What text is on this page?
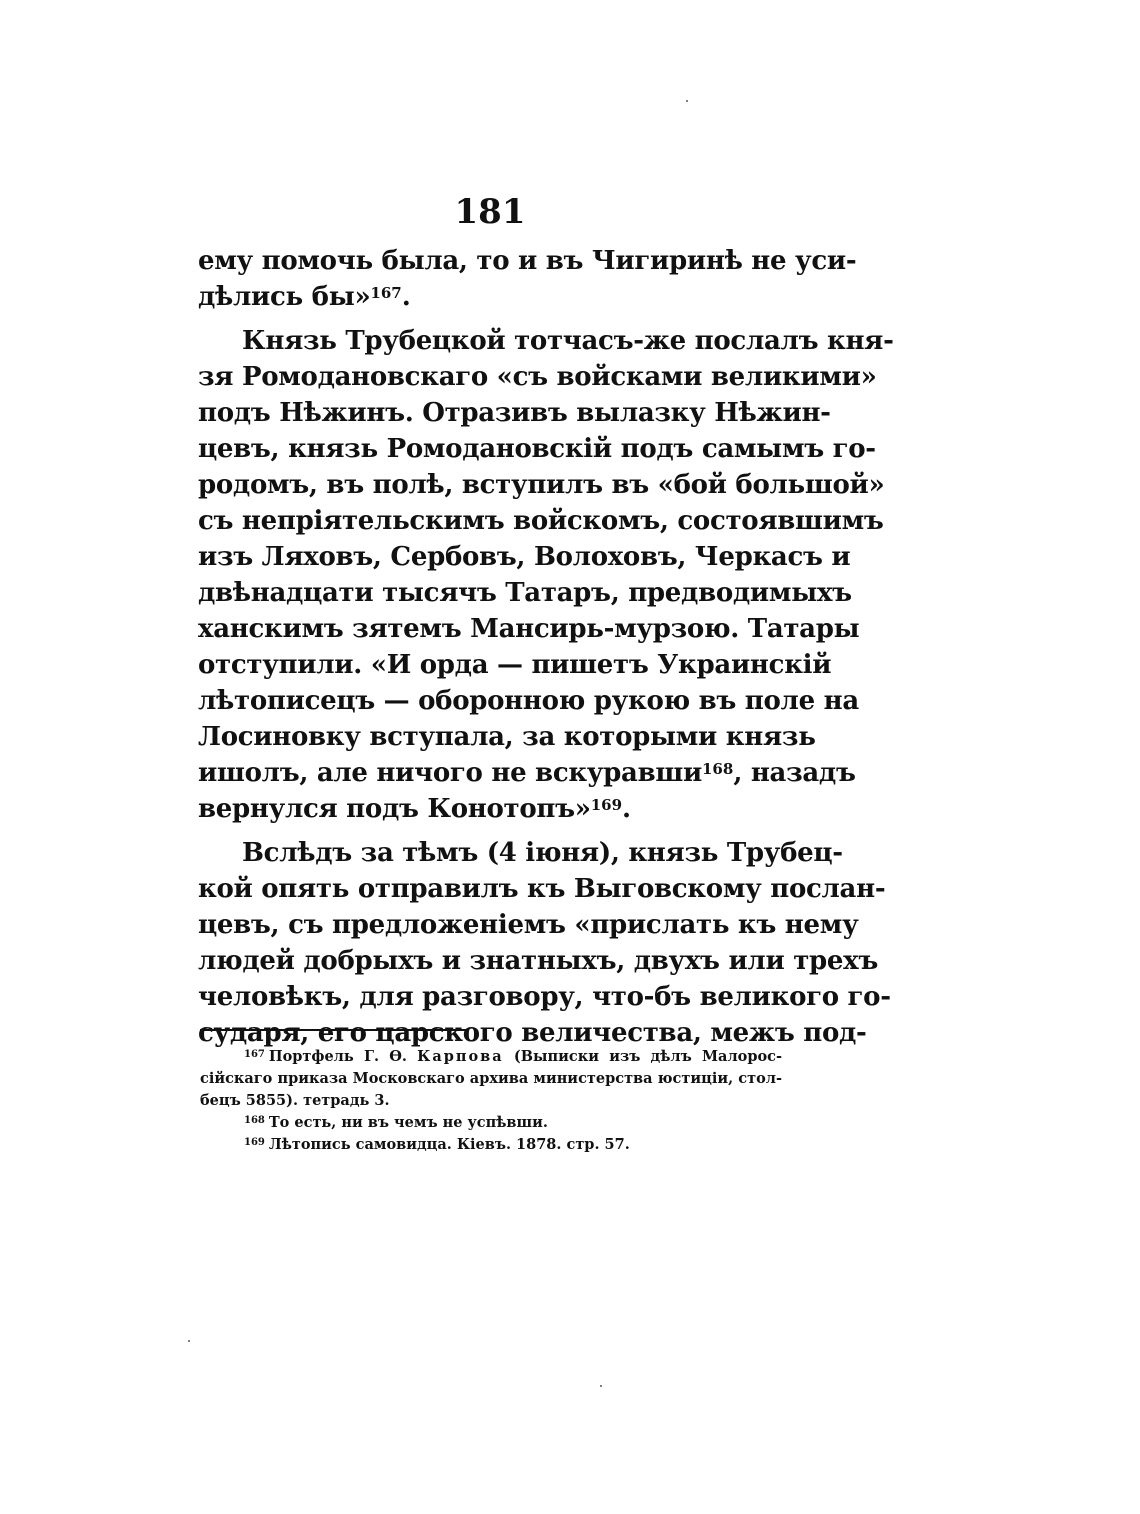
181
ему помочь была, то и въ Чигиринѣ не уси-
дѣлись бы»$^{167}$.
Князь Трубецкой тотчасъ-же послалъ кня-
зя Ромодановскаго «съ войсками великими»
подъ Нѣжинъ. Отразивъ вылазку Нѣжин-
цевъ, князь Ромодановскій подъ самымъ го-
родомъ, въ полѣ, вступилъ въ «бой большой»
съ непріятельскимъ войскомъ, состоявшимъ
изъ Ляховъ, Сербовъ, Волоховъ, Черкасъ и
двѣнадцати тысячъ Татаръ, предводимыхъ
ханскимъ зятемъ Мансирь-мурзою. Татары
отступили. «И орда — пишетъ Украинскій
лѣтописецъ — оборонною рукою въ поле на
Лосиновку вступала, за которыми князь
ишолъ, але ничого не вскуравши$^{168}$, назадъ
вернулся подъ Конотопъ»$^{169}$.
Вслѣдъ за тѣмъ (4 іюня), князь Трубец-
кой опять отправилъ къ Выговскому послан-
цевъ, съ предложеніемъ «прислать къ нему
людей добрыхъ и знатныхъ, двухъ или трехъ
человѣкъ, для разговору, что-бъ великого го-
сударя, его царского величества, межъ под-
$^{167}$ Портфель Г. Ѳ. Карпова (Выписки изъ дѣлъ Малорос-
сійскаго приказа Московскаго архива министерства юстиціи, стол-
бецъ 5855). тетрадь 3.
$^{168}$ То есть, ни въ чемъ не успѣвши.
$^{169}$ Лѣтопись самовидца. Кіевъ. 1878. стр. 57.
